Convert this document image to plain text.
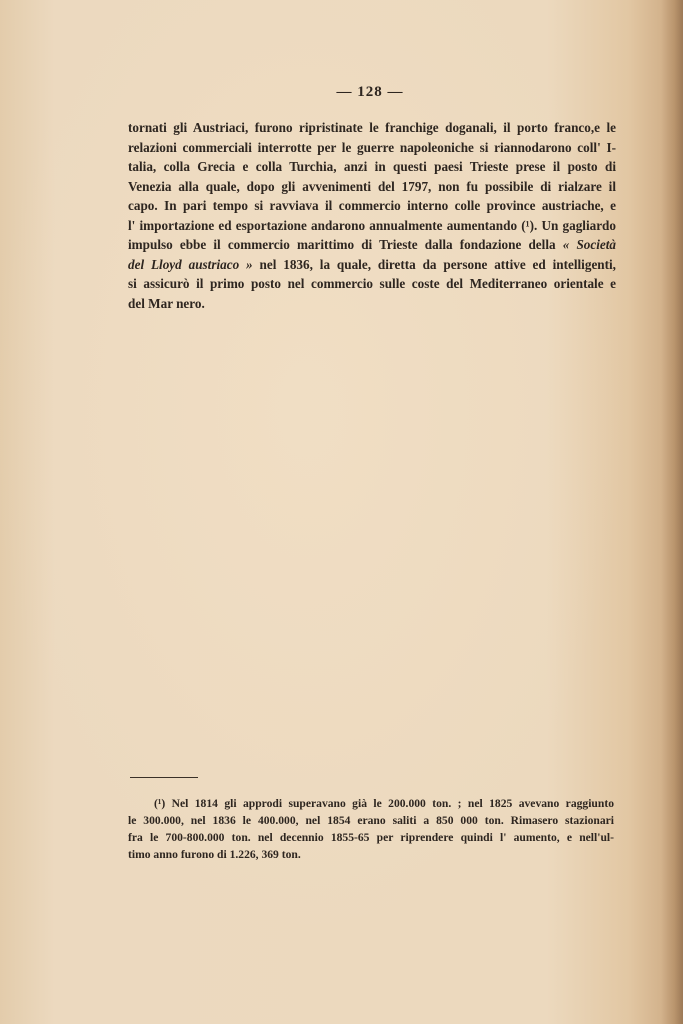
— 128 —
tornati gli Austriaci, furono ripristinate le franchige doganali, il porto franco,e le
relazioni commerciali interrotte per le guerre napoleoniche si riannodarono coll' I-
talia, colla Grecia e colla Turchia, anzi in questi paesi Trieste prese il posto di
Venezia alla quale, dopo gli avvenimenti del 1797, non fu possibile di rialzare il
capo. In pari tempo si ravviava il commercio interno colle province austriache, e
l' importazione ed esportazione andarono annualmente aumentando (¹). Un gagliardo
impulso ebbe il commercio marittimo di Trieste dalla fondazione della « Società
del Lloyd austriaco » nel 1836, la quale, diretta da persone attive ed intelligenti,
si assicurò il primo posto nel commercio sulle coste del Mediterraneo orientale e
del Mar nero.
(¹) Nel 1814 gli approdi superavano già le 200.000 ton. ; nel 1825 avevano raggiunto
le 300.000, nel 1836 le 400.000, nel 1854 erano saliti a 850 000 ton. Rimasero stazionari
fra le 700-800.000 ton. nel decennio 1855-65 per riprendere quindi l' aumento, e nell'ul-
timo anno furono di 1.226, 369 ton.
